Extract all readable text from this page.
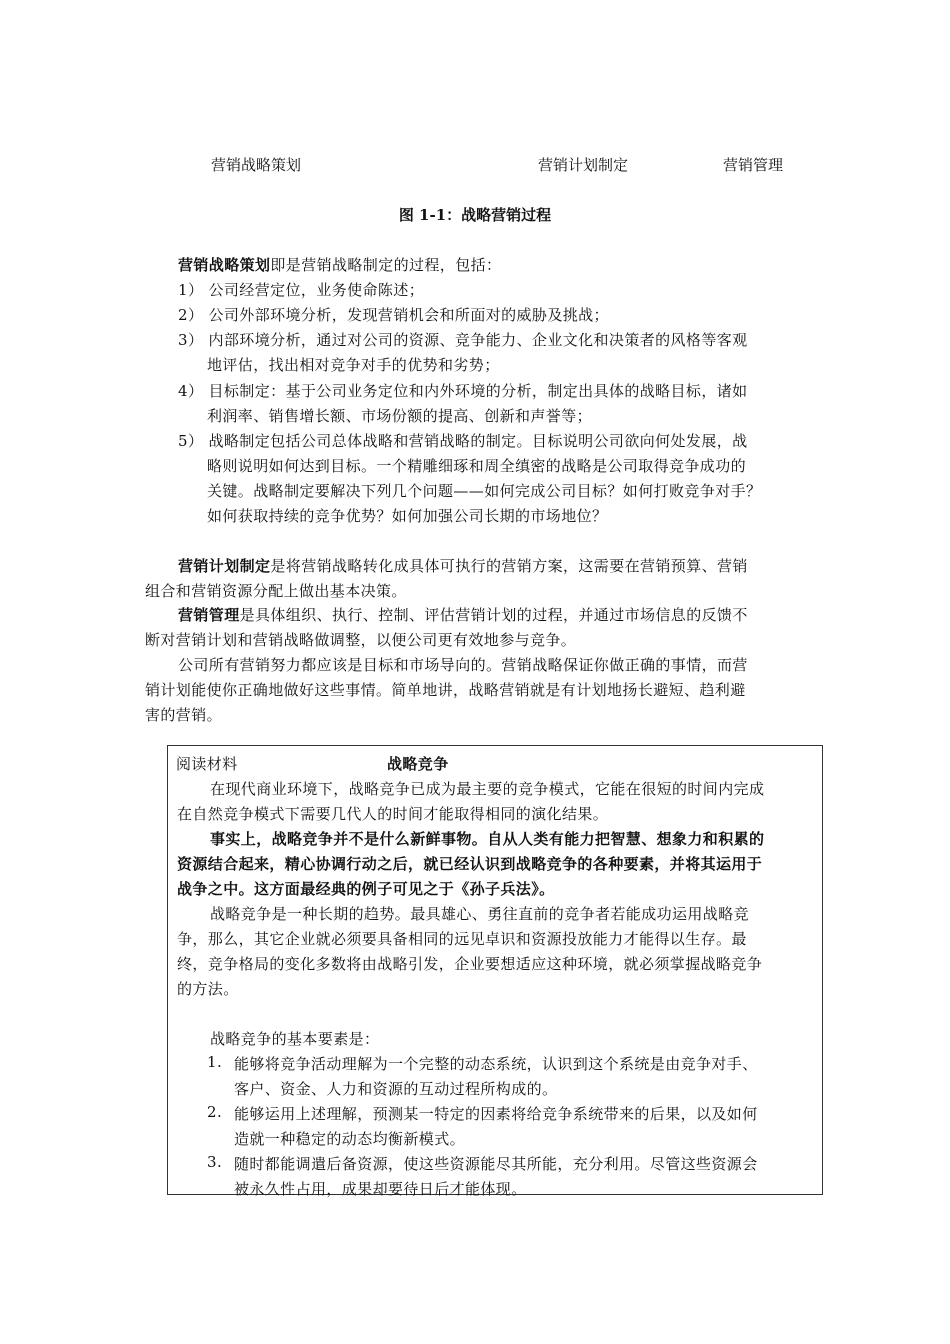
营销战略策划	营销计划制定	营销管理
图 1-1：战略营销过程
营销战略策划即是营销战略制定的过程，包括：
1） 公司经营定位，业务使命陈述；
2） 公司外部环境分析，发现营销机会和所面对的威胁及挑战；
3） 内部环境分析，通过对公司的资源、竞争能力、企业文化和决策者的风格等客观
地评估，找出相对竞争对手的优势和劣势；
4） 目标制定：基于公司业务定位和内外环境的分析，制定出具体的战略目标，诸如
利润率、销售增长额、市场份额的提高、创新和声誉等；
5） 战略制定包括公司总体战略和营销战略的制定。目标说明公司欲向何处发展，战
略则说明如何达到目标。一个精雕细琢和周全缜密的战略是公司取得竞争成功的
关键。战略制定要解决下列几个问题——如何完成公司目标？如何打败竞争对手？
如何获取持续的竞争优势？如何加强公司长期的市场地位？
营销计划制定是将营销战略转化成具体可执行的营销方案，这需要在营销预算、营销
组合和营销资源分配上做出基本决策。
营销管理是具体组织、执行、控制、评估营销计划的过程，并通过市场信息的反馈不
断对营销计划和营销战略做调整，以便公司更有效地参与竞争。
公司所有营销努力都应该是目标和市场导向的。营销战略保证你做正确的事情，而营
销计划能使你正确地做好这些事情。简单地讲，战略营销就是有计划地扬长避短、趋利避
害的营销。
阅读材料	战略竞争
在现代商业环境下，战略竞争已成为最主要的竞争模式，它能在很短的时间内完成
在自然竞争模式下需要几代人的时间才能取得相同的演化结果。
事实上，战略竞争并不是什么新鲜事物。自从人类有能力把智慧、想象力和积累的
资源结合起来，精心协调行动之后，就已经认识到战略竞争的各种要素，并将其运用于
战争之中。这方面最经典的例子可见之于《孙子兵法》。
战略竞争是一种长期的趋势。最具雄心、勇往直前的竞争者若能成功运用战略竞
争，那么，其它企业就必须要具备相同的远见卓识和资源投放能力才能得以生存。最
终，竞争格局的变化多数将由战略引发，企业要想适应这种环境，就必须掌握战略竞争
的方法。
战略竞争的基本要素是：
1. 能够将竞争活动理解为一个完整的动态系统，认识到这个系统是由竞争对手、
客户、资金、人力和资源的互动过程所构成的。
2. 能够运用上述理解，预测某一特定的因素将给竞争系统带来的后果，以及如何
造就一种稳定的动态均衡新模式。
3. 随时都能调遣后备资源，使这些资源能尽其所能，充分利用。尽管这些资源会
被永久性占用，成果却要待日后才能体现。
